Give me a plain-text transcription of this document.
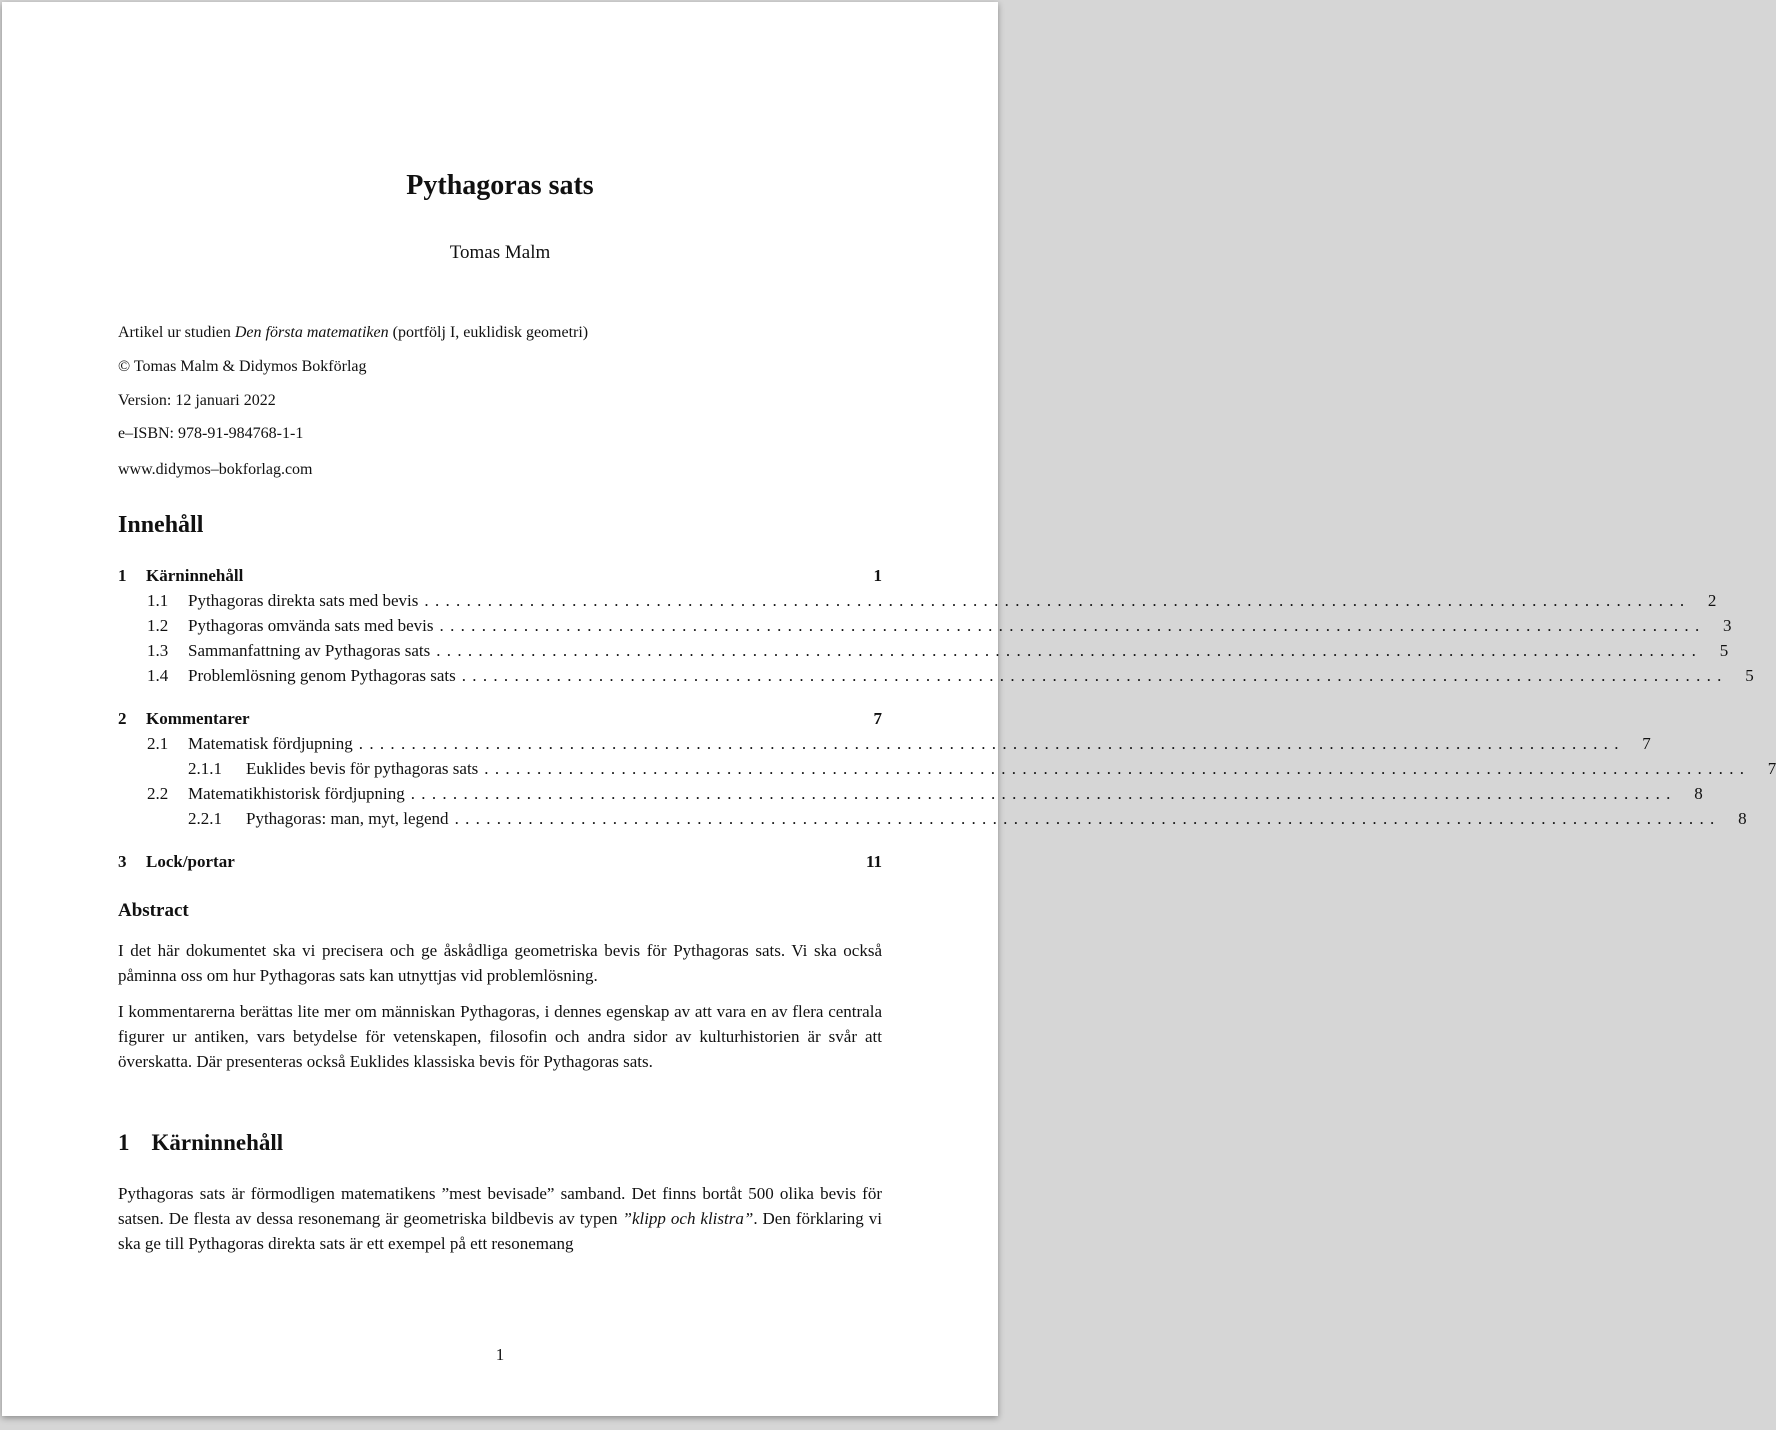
Pythagoras sats
Tomas Malm
Artikel ur studien Den första matematiken (portfölj I, euklidisk geometri)
© Tomas Malm & Didymos Bokförlag
Version: 12 januari 2022
e–ISBN: 978-91-984768-1-1
www.didymos–bokforlag.com
Innehåll
1	Kärninnehåll	1
1.1	Pythagoras direkta sats med bevis ........................................................................................................................	2
1.2	Pythagoras omvända sats med bevis ........................................................................................................................	3
1.3	Sammanfattning av Pythagoras sats ........................................................................................................................	5
1.4	Problemlösning genom Pythagoras sats ........................................................................................................................	5
2	Kommentarer	7
2.1	Matematisk fördjupning ........................................................................................................................	7
2.1.1	Euklides bevis för pythagoras sats ........................................................................................................................	7
2.2	Matematikhistorisk fördjupning ........................................................................................................................	8
2.2.1	Pythagoras: man, myt, legend ........................................................................................................................	8
3	Lock/portar	11
Abstract
I det här dokumentet ska vi precisera och ge åskådliga geometriska bevis för Pythagoras sats. Vi ska också påminna oss om hur Pythagoras sats kan utnyttjas vid problemlösning.
I kommentarerna berättas lite mer om människan Pythagoras, i dennes egenskap av att vara en av flera centrala figurer ur antiken, vars betydelse för vetenskapen, filosofin och andra sidor av kulturhistorien är svår att överskatta. Där presenteras också Euklides klassiska bevis för Pythagoras sats.
1 Kärninnehåll
Pythagoras sats är förmodligen matematikens ”mest bevisade” samband. Det finns bortåt 500 olika bevis för satsen. De flesta av dessa resonemang är geometriska bildbevis av typen ”klipp och klistra”. Den förklaring vi ska ge till Pythagoras direkta sats är ett exempel på ett resonemang
1
